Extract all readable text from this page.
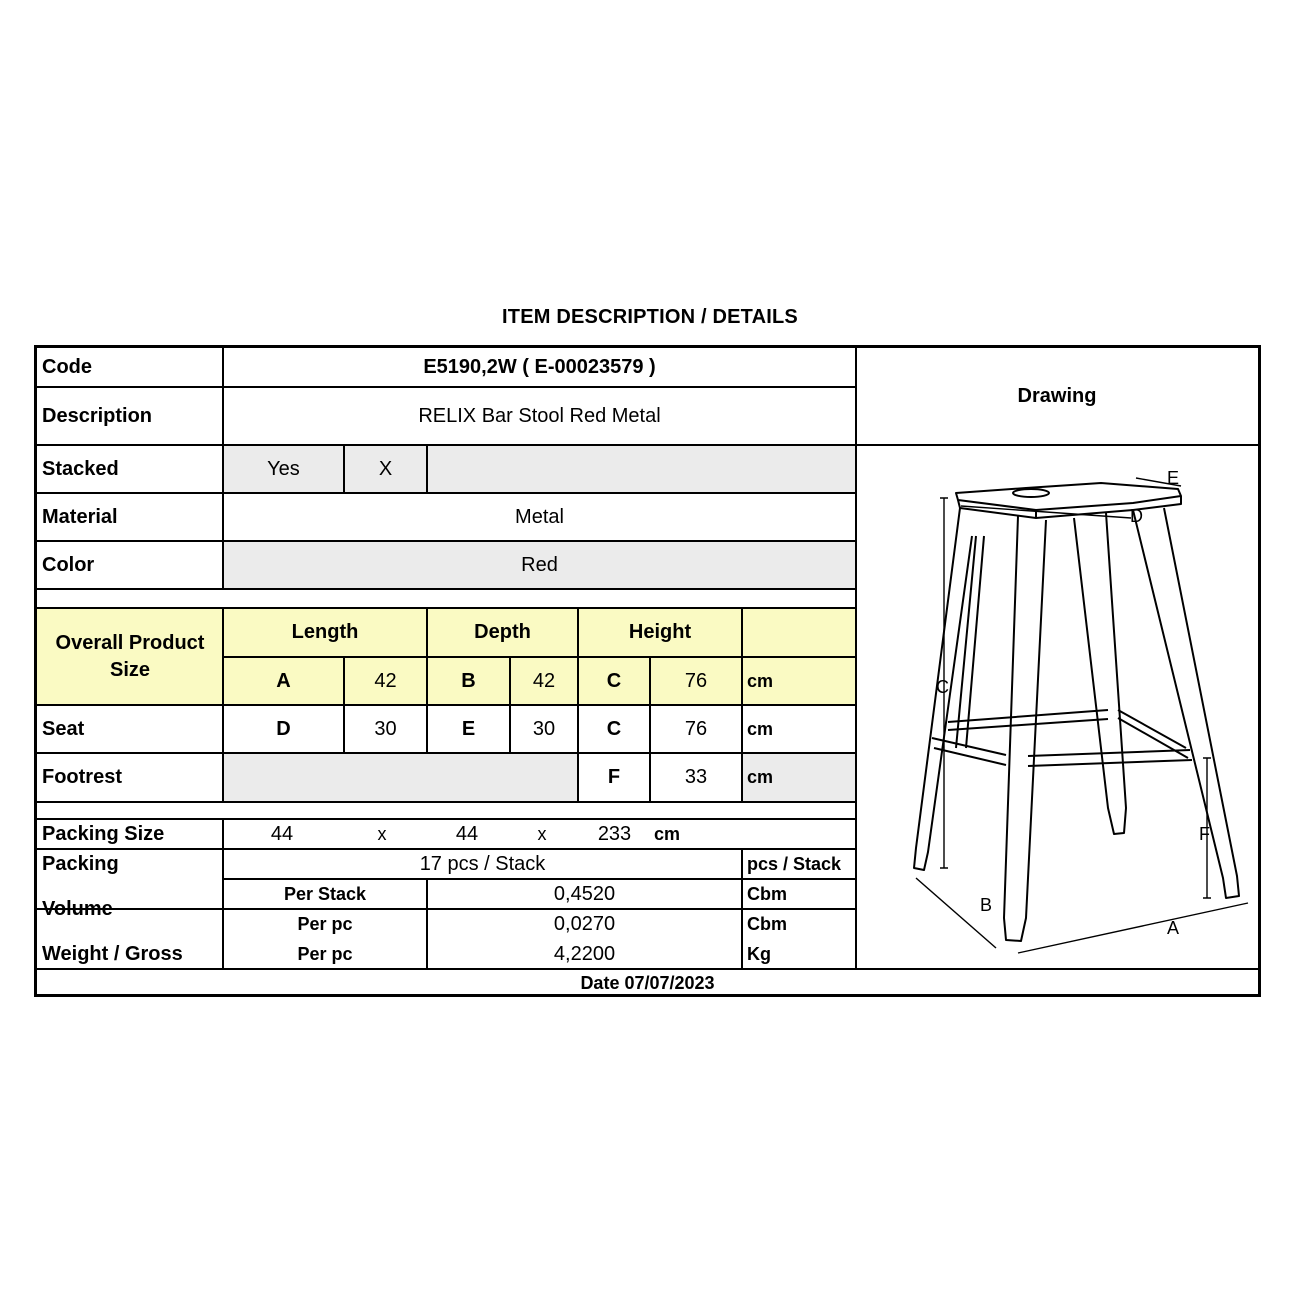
ITEM DESCRIPTION / DETAILS
Code	E5190,2W ( E-00023579 )
Description	RELIX Bar Stool Red Metal
Drawing
Stacked	Yes	X
Material	Metal
Color	Red
Overall Product Size
Length	Depth	Height
A	42	B	42	C	76	cm
Seat	D	30	E	30	C	76	cm
Footrest	F	33	cm
Packing Size	44	x	44	x	233	cm
Packing	17 pcs / Stack	pcs / Stack
Volume
Per Stack	0,4520	Cbm
Per pc	0,0270	Cbm
Weight / Gross	Per pc	4,2200	Kg
Date 07/07/2023
C
F
B
A
D
E
